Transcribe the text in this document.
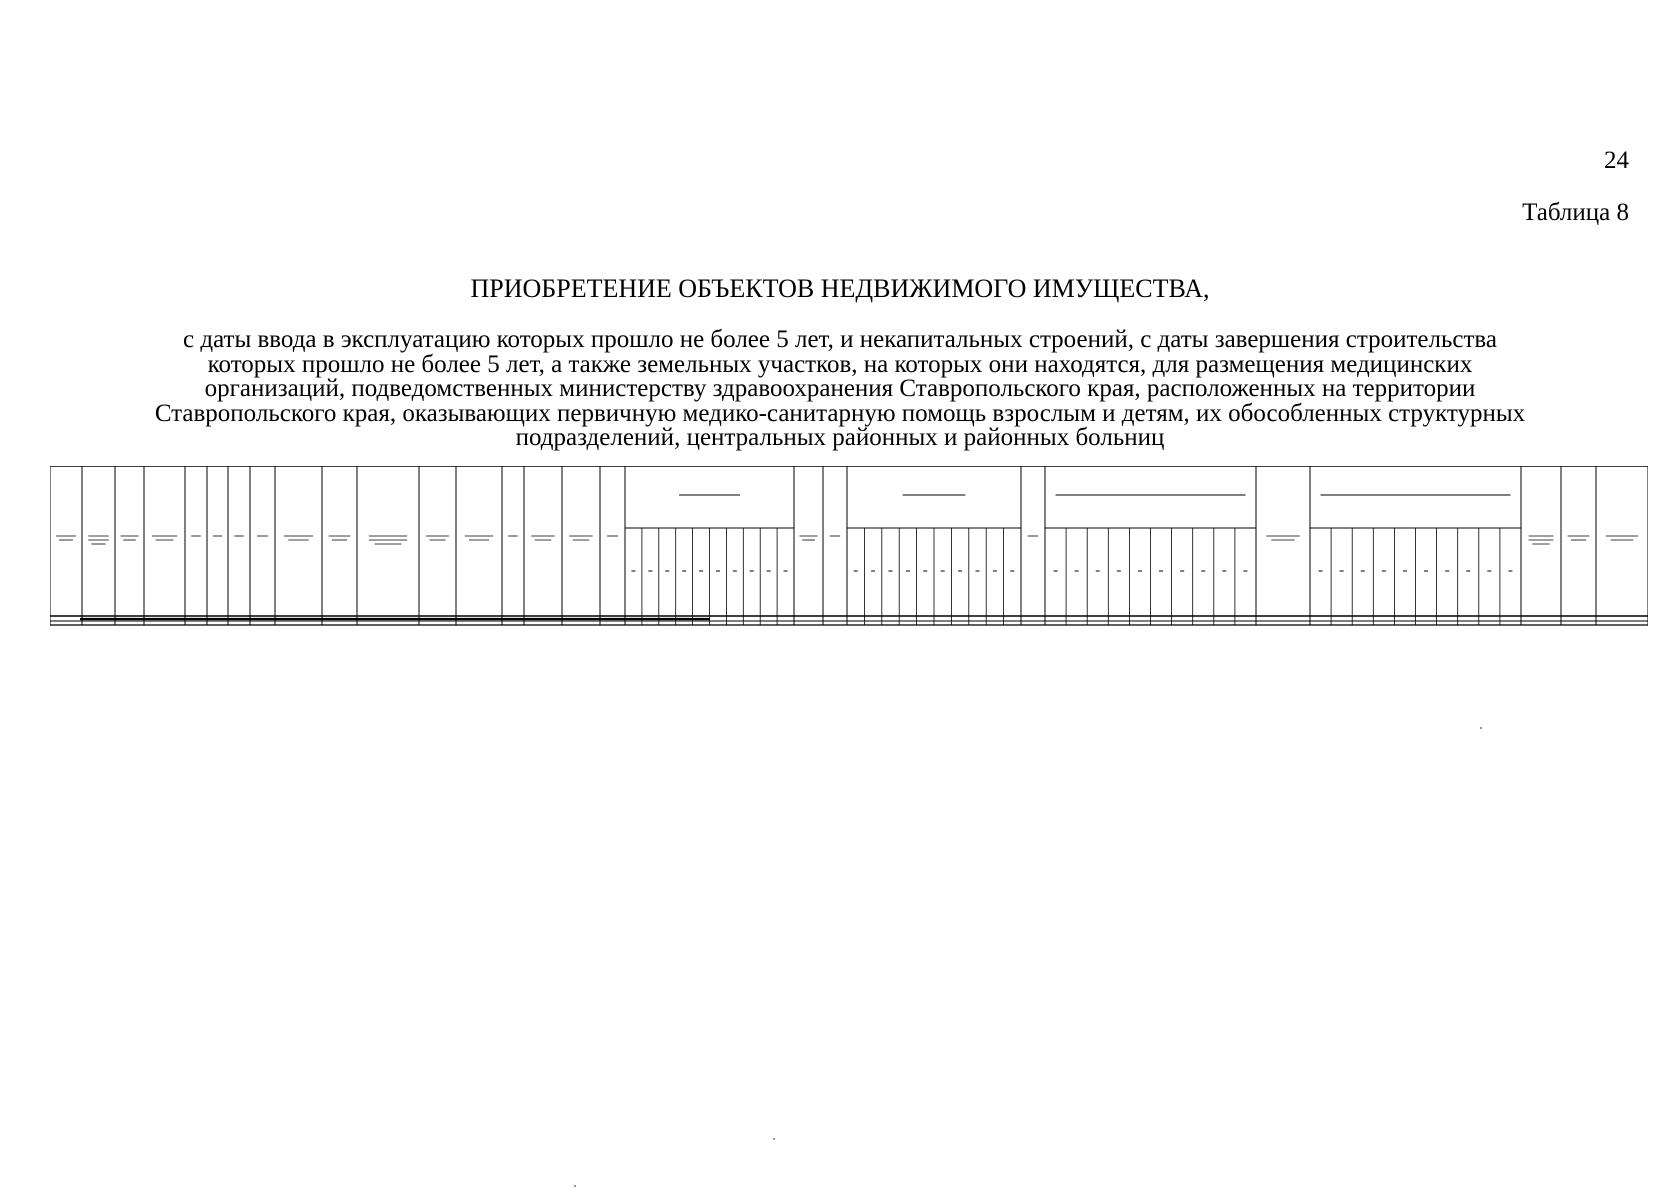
24

Таблица 8

ПРИОБРЕТЕНИЕ ОБЪЕКТОВ НЕДВИЖИМОГО ИМУЩЕСТВА,

с даты ввода в эксплуатацию которых прошло не более 5 лет, и некапитальных строений, с даты завершения строительства
которых прошло не более 5 лет, а также земельных участков, на которых они находятся, для размещения медицинских
организаций, подведомственных министерству здравоохранения Ставропольского края, расположенных на территории
Ставропольского края, оказывающих первичную медико-санитарную помощь взрослым и детям, их обособленных структурных
подразделений, центральных районных и районных больниц
